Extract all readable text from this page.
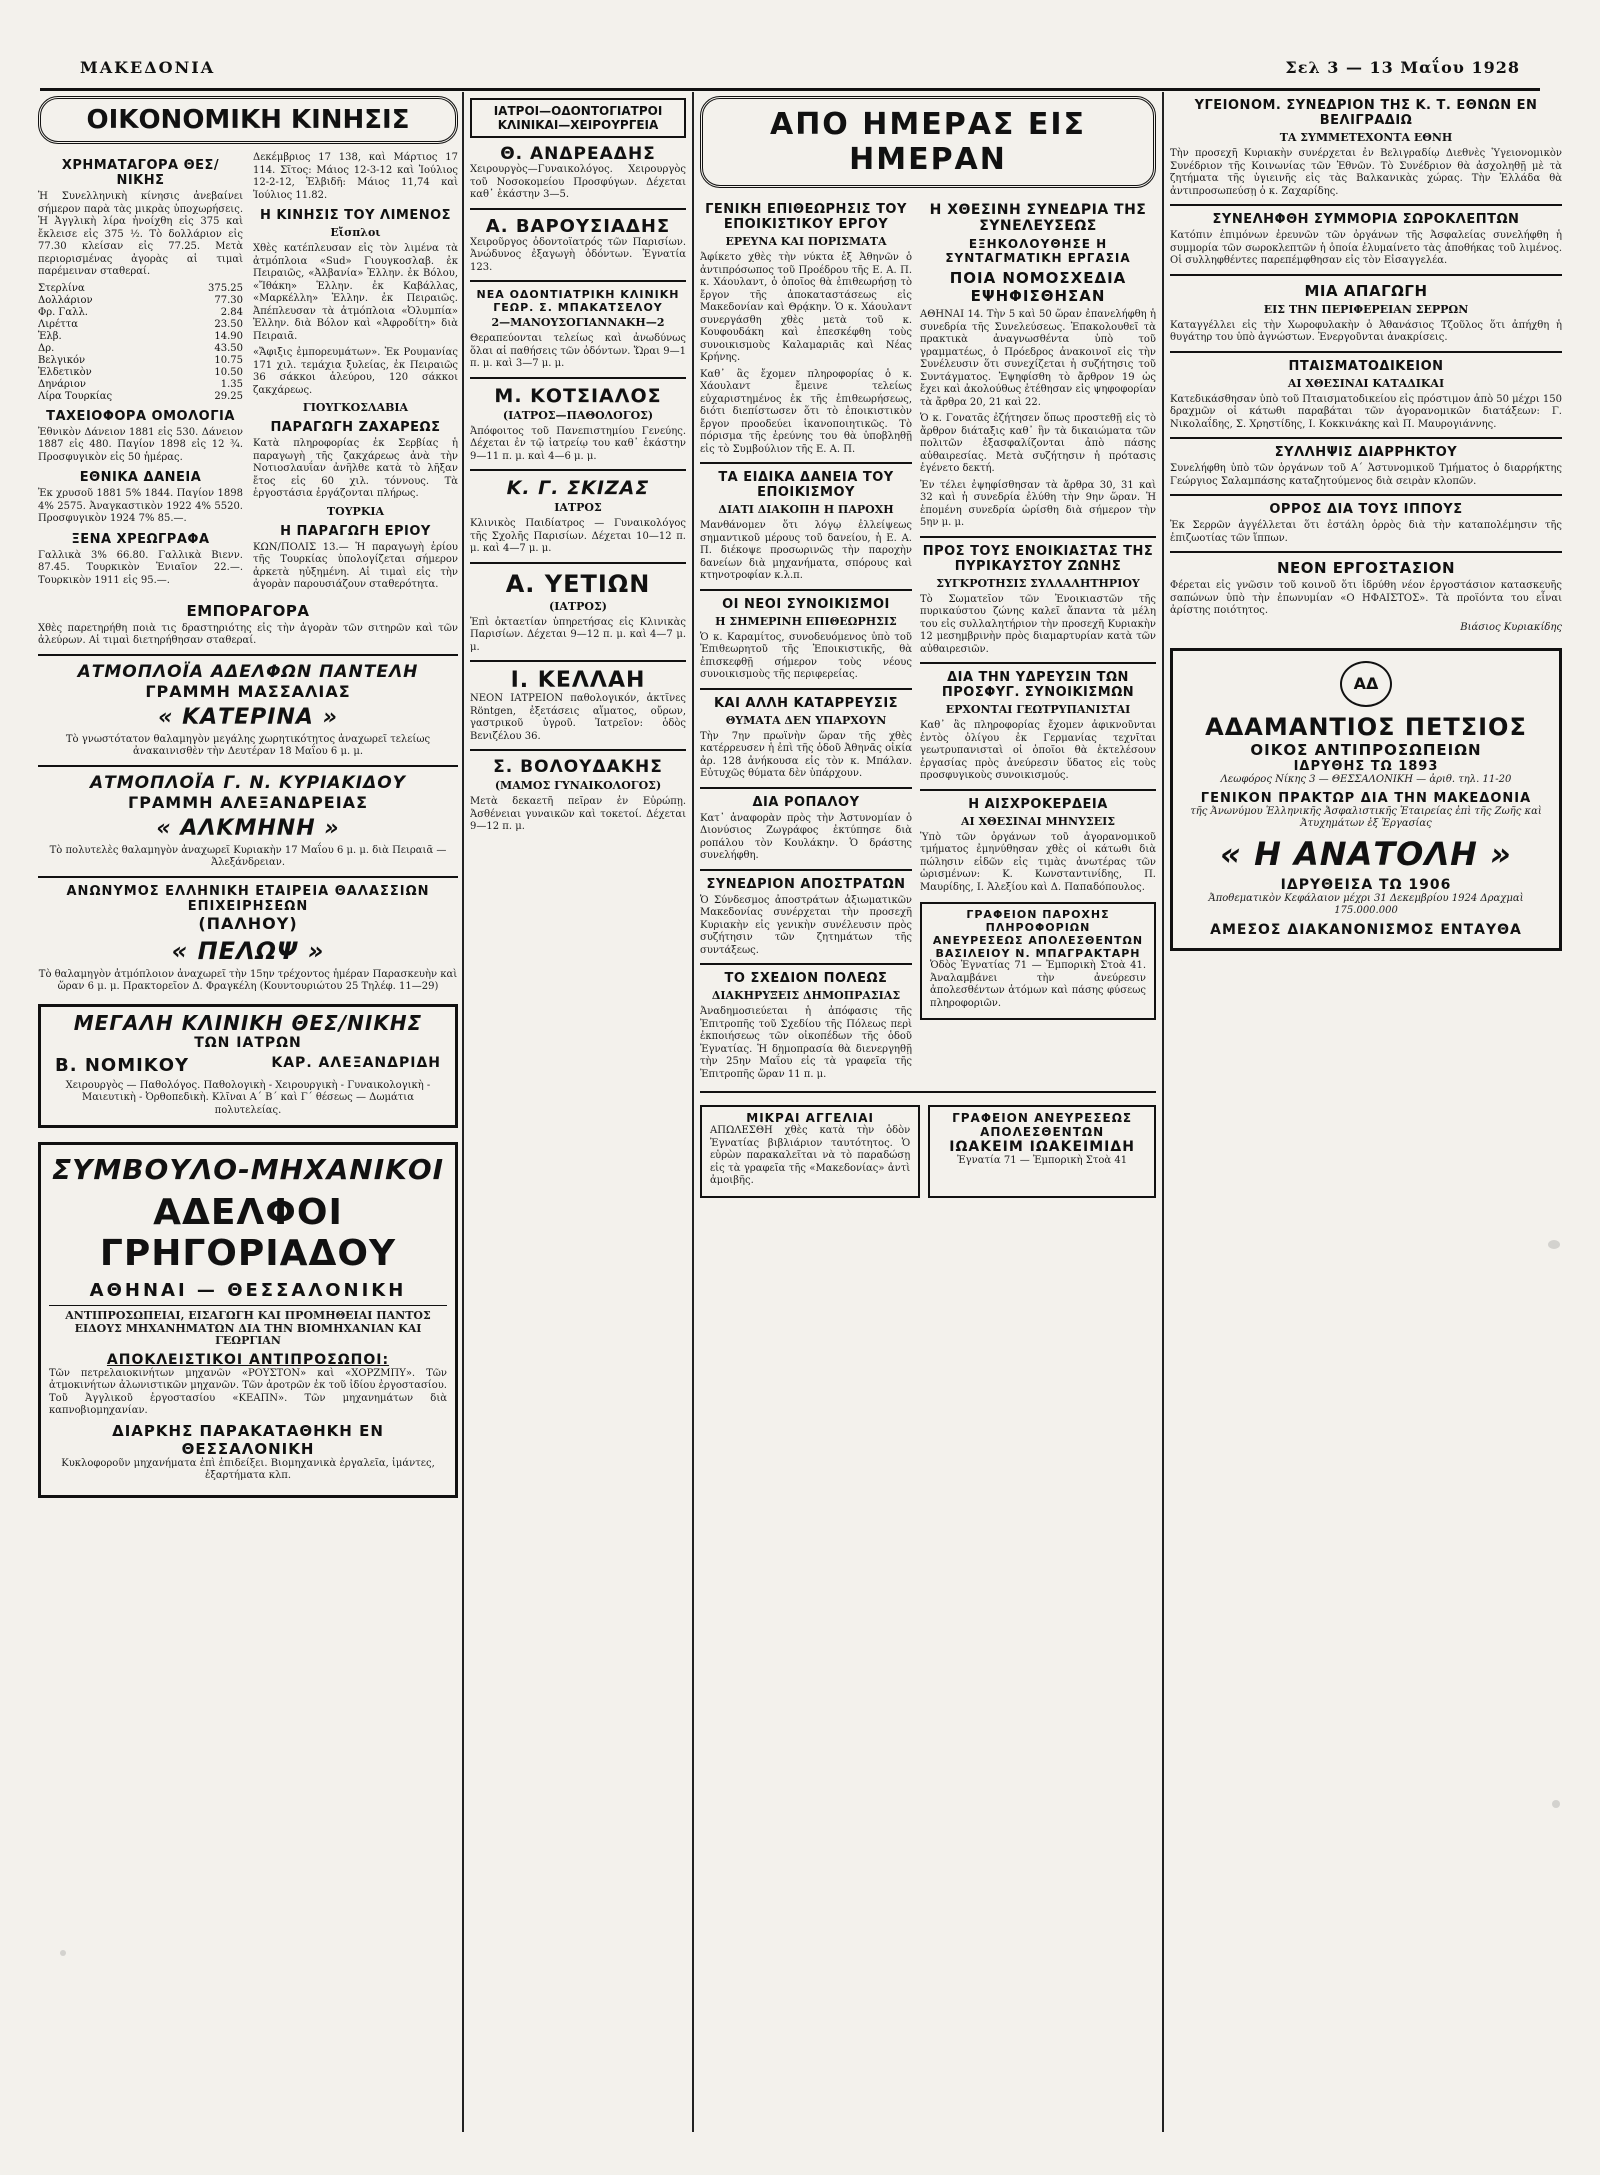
ΜΑΚΕΔΟΝΙΑ	Σελ 3 — 13 Μαΐου 1928
ΟΙΚΟΝΟΜΙΚΗ ΚΙΝΗΣΙΣ
ΧΡΗΜΑΤΑΓΟΡΑ ΘΕΣ/ΝΙΚΗΣ

Ἡ Συνελληνικὴ κίνησις ἀνεβαίνει σήμερον παρὰ τὰς μικρὰς ὑποχωρήσεις. Ἡ Ἀγγλικὴ λίρα ἠνοίχθη εἰς 375 καὶ ἔκλεισε εἰς 375 ½. Τὸ δολλάριον εἰς 77.30 κλείσαν εἰς 77.25. Μετὰ περιορισμένας ἀγορὰς αἱ τιμαὶ παρέμειναν σταθεραί.

Στερλίνα	375.25
Δολλάριον	77.30
Φρ. Γαλλ.	2.84
Λιρέττα	23.50
Ἑλβ.	14.90
Δρ.	43.50
Βελγικόν	10.75
Ἑλδετικὸν	10.50
Δηνάριον	1.35
Λίρα Τουρκίας	29.25
ΤΑΧΕΙΟΦΟΡΑ ΟΜΟΛΟΓΙΑ

Ἐθνικὸν Δάνειον 1881 εἰς 530. Δάνειον 1887 εἰς 480. Παγίον 1898 εἰς 12 ¾. Προσφυγικὸν εἰς 50 ἡμέρας.

ΕΘΝΙΚΑ ΔΑΝΕΙΑ

Ἐκ χρυσοῦ 1881 5% 1844. Παγίον 1898 4% 2575. Ἀναγκαστικὸν 1922 4% 5520. Προσφυγικὸν 1924 7% 85.—.

ΞΕΝΑ ΧΡΕΩΓΡΑΦΑ

Γαλλικὰ 3% 66.80. Γαλλικὰ Βιενν. 87.45. Τουρκικὸν Ἑνιαῖον 22.—. Τουρκικὸν 1911 εἰς 95.—.

Δεκέμβριος 17 138, καὶ Μάρτιος 17 114. Σῖτος: Μάιος 12-3-12 καὶ Ἰούλιος 12-2-12, Ἑλβιδῆ: Μάιος 11,74 καὶ Ἰούλιος 11.82.

Η ΚΙΝΗΣΙΣ ΤΟΥ ΛΙΜΕΝΟΣ
Εἴσπλοι

Χθὲς κατέπλευσαν εἰς τὸν λιμένα τὰ ἀτμόπλοια «Sud» Γιουγκοσλαβ. ἐκ Πειραιῶς, «Ἀλβανία» Ἑλλην. ἐκ Βόλου, «Ἴθάκη» Ἑλλην. ἐκ Καβάλλας, «Μαρκέλλη» Ἑλλην. ἐκ Πειραιῶς. Ἀπέπλευσαν τὰ ἀτμόπλοια «Ὀλυμπία» Ἑλλην. διὰ Βόλον καὶ «Ἀφροδίτη» διὰ Πειραιᾶ.

«Ἄφιξις ἐμπορευμάτων». Ἐκ Ρουμανίας 171 χιλ. τεμάχια ξυλείας, ἐκ Πειραιῶς 36 σάκκοι ἀλεύρου, 120 σάκκοι ζακχάρεως.

ΓΙΟΥΓΚΟΣΛΑΒΙΑ
ΠΑΡΑΓΩΓΗ ΖΑΧΑΡΕΩΣ

Κατὰ πληροφορίας ἐκ Σερβίας ἡ παραγωγὴ τῆς ζακχάρεως ἀνὰ τὴν Νοτιοσλαυΐαν ἀνῆλθε κατὰ τὸ λῆξαν ἔτος εἰς 60 χιλ. τόννους. Τὰ ἐργοστάσια ἐργάζονται πλήρως.

ΤΟΥΡΚΙΑ
Η ΠΑΡΑΓΩΓΗ ΕΡΙΟΥ

ΚΩΝ/ΠΟΛΙΣ 13.— Ἡ παραγωγὴ ἐρίου τῆς Τουρκίας ὑπολογίζεται σήμερον ἀρκετὰ ηὐξημένη. Αἱ τιμαὶ εἰς τὴν ἀγορὰν παρουσιάζουν σταθερότητα.

ΕΜΠΟΡΑΓΟΡΑ

Χθὲς παρετηρήθη ποιὰ τις δραστηριότης εἰς τὴν ἀγορὰν τῶν σιτηρῶν καὶ τῶν ἀλεύρων. Αἱ τιμαὶ διετηρήθησαν σταθεραί.

ΑΤΜΟΠΛΟΪΑ ΑΔΕΛΦΩΝ ΠΑΝΤΕΛΗ
ΓΡΑΜΜΗ ΜΑΣΣΑΛΙΑΣ
« ΚΑΤΕΡΙΝΑ »

Τὸ γνωστότατον θαλαμηγὸν μεγάλης χωρητικότητος ἀναχωρεῖ τελείως ἀνακαινισθὲν τὴν Δευτέραν 18 Μαΐου 6 μ. μ.

ΑΤΜΟΠΛΟΪΑ Γ. Ν. ΚΥΡΙΑΚΙΔΟΥ
ΓΡΑΜΜΗ ΑΛΕΞΑΝΔΡΕΙΑΣ
« ΑΛΚΜΗΝΗ »

Τὸ πολυτελὲς θαλαμηγὸν ἀναχωρεῖ Κυριακὴν 17 Μαΐου 6 μ. μ. διὰ Πειραιᾶ — Ἀλεξάνδρειαν.

ΑΝΩΝΥΜΟΣ ΕΛΛΗΝΙΚΗ ΕΤΑΙΡΕΙΑ ΘΑΛΑΣΣΙΩΝ ΕΠΙΧΕΙΡΗΣΕΩΝ
(ΠΑΛΗΟΥ)
« ΠΕΛΩΨ »

Τὸ θαλαμηγὸν ἀτμόπλοιον ἀναχωρεῖ τὴν 15ην τρέχοντος ἡμέραν Παρασκευὴν καὶ ὥραν 6 μ. μ. Πρακτορεῖον Δ. Φραγκέλη (Κουντουριώτου 25 Τηλέφ. 11—29)

ΜΕΓΑΛΗ ΚΛΙΝΙΚΗ ΘΕΣ/ΝΙΚΗΣ
ΤΩΝ ΙΑΤΡΩΝ
Β. ΝΟΜΙΚΟΥ	ΚΑΡ. ΑΛΕΞΑΝΔΡΙΔΗ

Χειρουργὸς — Παθολόγος. Παθολογικὴ - Χειρουργικὴ - Γυναικολογικὴ - Μαιευτικὴ - Ὀρθοπεδικὴ. Κλῖναι Α΄ Β΄ καὶ Γ΄ θέσεως — Δωμάτια πολυτελείας.

ΣΥΜΒΟΥΛΟ-ΜΗΧΑΝΙΚΟΙ
ΑΔΕΛΦΟΙ ΓΡΗΓΟΡΙΑΔΟΥ
ΑΘΗΝΑΙ — ΘΕΣΣΑΛΟΝΙΚΗ

ΑΝΤΙΠΡΟΣΩΠΕΙΑΙ, ΕΙΣΑΓΩΓΗ ΚΑΙ ΠΡΟΜΗΘΕΙΑΙ ΠΑΝΤΟΣ ΕΙΔΟΥΣ ΜΗΧΑΝΗΜΑΤΩΝ ΔΙΑ ΤΗΝ ΒΙΟΜΗΧΑΝΙΑΝ ΚΑΙ ΓΕΩΡΓΙΑΝ

ΑΠΟΚΛΕΙΣΤΙΚΟΙ ΑΝΤΙΠΡΟΣΩΠΟΙ:

Τῶν πετρελαιοκινήτων μηχανῶν «ΡΟΥΣΤΟΝ» καὶ «ΧΟΡΖΜΠΥ». Τῶν ἀτμοκινήτων ἀλωνιστικῶν μηχανῶν. Τῶν ἀροτρῶν ἐκ τοῦ ἰδίου ἐργοστασίου. Τοῦ Ἀγγλικοῦ ἐργοστασίου «ΚΕΑΠΝ». Τῶν μηχανημάτων διὰ καπνοβιομηχανίαν.

ΔΙΑΡΚΗΣ ΠΑΡΑΚΑΤΑΘΗΚΗ ΕΝ ΘΕΣΣΑΛΟΝΙΚΗ

Κυκλοφοροῦν μηχανήματα ἐπὶ ἐπιδείξει. Βιομηχανικὰ ἐργαλεῖα, ἱμάντες, ἐξαρτήματα κλπ.

ΙΑΤΡΟΙ—ΟΔΟΝΤΟΓΙΑΤΡΟΙ ΚΛΙΝΙΚΑΙ—ΧΕΙΡΟΥΡΓΕΙΑ
Θ. ΑΝΔΡΕΑΔΗΣ

Χειρουργὸς—Γυναικολόγος. Χειρουργὸς τοῦ Νοσοκομείου Προσφύγων. Δέχεται καθ᾿ ἑκάστην 3—5.

Α. ΒΑΡΟΥΣΙΑΔΗΣ

Χειροῦργος ὀδοντοϊατρός τῶν Παρισίων. Ἀνώδυνος ἐξαγωγὴ ὀδόντων. Ἐγνατία 123.

ΝΕΑ ΟΔΟΝΤΙΑΤΡΙΚΗ ΚΛΙΝΙΚΗ ΓΕΩΡ. Σ. ΜΠΑΚΑΤΣΕΛΟΥ
2—ΜΑΝΟΥΣΟΓΙΑΝΝΑΚΗ—2

Θεραπεύονται τελείως καὶ ἀνωδύνως ὅλαι αἱ παθήσεις τῶν ὀδόντων. Ὥραι 9—1 π. μ. καὶ 3—7 μ. μ.

Μ. ΚΟΤΣΙΑΛΟΣ
(ΙΑΤΡΟΣ—ΠΑΘΟΛΟΓΟΣ)

Ἀπόφοιτος τοῦ Πανεπιστημίου Γενεύης. Δέχεται ἐν τῷ ἰατρείῳ του καθ᾿ ἑκάστην 9—11 π. μ. καὶ 4—6 μ. μ.

Κ. Γ. ΣΚΙΖΑΣ
ΙΑΤΡΟΣ

Κλινικὸς Παιδίατρος — Γυναικολόγος τῆς Σχολῆς Παρισίων. Δέχεται 10—12 π. μ. καὶ 4—7 μ. μ.

Α. ΥΕΤΙΩΝ
(ΙΑΤΡΟΣ)

Ἐπὶ ὀκταετίαν ὑπηρετήσας εἰς Κλινικὰς Παρισίων. Δέχεται 9—12 π. μ. καὶ 4—7 μ. μ.

Ι. ΚΕΛΛΑΗ

ΝΕΟΝ ΙΑΤΡΕΙΟΝ παθολογικόν, ἀκτῖνες Röntgen, ἐξετάσεις αἵματος, οὔρων, γαστρικοῦ ὑγροῦ. Ἰατρεῖον: ὁδὸς Βενιζέλου 36.

Σ. ΒΟΛΟΥΔΑΚΗΣ
(ΜΑΜΟΣ ΓΥΝΑΙΚΟΛΟΓΟΣ)

Μετὰ δεκαετῆ πεῖραν ἐν Εὐρώπῃ. Ἀσθένειαι γυναικῶν καὶ τοκετοί. Δέχεται 9—12 π. μ.

ΑΠΟ ΗΜΕΡΑΣ ΕΙΣ ΗΜΕΡΑΝ
ΓΕΝΙΚΗ ΕΠΙΘΕΩΡΗΣΙΣ ΤΟΥ ΕΠΟΙΚΙΣΤΙΚΟΥ ΕΡΓΟΥ
ΕΡΕΥΝΑ ΚΑΙ ΠΟΡΙΣΜΑΤΑ

Ἀφίκετο χθὲς τὴν νύκτα ἐξ Ἀθηνῶν ὁ ἀντιπρόσωπος τοῦ Προέδρου τῆς Ε. Α. Π. κ. Χάουλαντ, ὁ ὁποῖος θὰ ἐπιθεωρήσῃ τὸ ἔργον τῆς ἀποκαταστάσεως εἰς Μακεδονίαν καὶ Θρᾴκην. Ὁ κ. Χάουλαντ συνεργάσθη χθὲς μετὰ τοῦ κ. Κουφουδάκη καὶ ἐπεσκέφθη τοὺς συνοικισμοὺς Καλαμαριᾶς καὶ Νέας Κρήνης.

Καθ᾿ ἃς ἔχομεν πληροφορίας ὁ κ. Χάουλαντ ἔμεινε τελείως εὐχαριστημένος ἐκ τῆς ἐπιθεωρήσεως, διότι διεπίστωσεν ὅτι τὸ ἐποικιστικὸν ἔργον προοδεύει ἱκανοποιητικῶς. Τὸ πόρισμα τῆς ἐρεύνης του θὰ ὑποβληθῇ εἰς τὸ Συμβούλιον τῆς Ε. Α. Π.

ΤΑ ΕΙΔΙΚΑ ΔΑΝΕΙΑ ΤΟΥ ΕΠΟΙΚΙΣΜΟΥ
ΔΙΑΤΙ ΔΙΑΚΟΠΗ Η ΠΑΡΟΧΗ

Μανθάνομεν ὅτι λόγῳ ἐλλείψεως σημαντικοῦ μέρους τοῦ δανείου, ἡ Ε. Α. Π. διέκοψε προσωρινῶς τὴν παροχὴν δανείων διὰ μηχανήματα, σπόρους καὶ κτηνοτροφίαν κ.λ.π.

ΟΙ ΝΕΟΙ ΣΥΝΟΙΚΙΣΜΟΙ
Η ΣΗΜΕΡΙΝΗ ΕΠΙΘΕΩΡΗΣΙΣ

Ὁ κ. Καραμίτος, συνοδευόμενος ὑπὸ τοῦ Ἐπιθεωρητοῦ τῆς Ἐποικιστικῆς, θὰ ἐπισκεφθῇ σήμερον τοὺς νέους συνοικισμοὺς τῆς περιφερείας.

ΚΑΙ ΑΛΛΗ ΚΑΤΑΡΡΕΥΣΙΣ
ΘΥΜΑΤΑ ΔΕΝ ΥΠΑΡΧΟΥΝ

Τὴν 7ην πρωϊνὴν ὥραν τῆς χθὲς κατέρρευσεν ἡ ἐπὶ τῆς ὁδοῦ Ἀθηνᾶς οἰκία ἀρ. 128 ἀνήκουσα εἰς τὸν κ. Μπάλαν. Εὐτυχῶς θύματα δὲν ὑπάρχουν.

ΔΙΑ ΡΟΠΑΛΟΥ

Κατ᾿ ἀναφορὰν πρὸς τὴν Ἀστυνομίαν ὁ Διονύσιος Ζωγράφος ἐκτύπησε διὰ ροπάλου τὸν Κουλάκην. Ὁ δράστης συνελήφθη.

ΣΥΝΕΔΡΙΟΝ ΑΠΟΣΤΡΑΤΩΝ

Ὁ Σύνδεσμος ἀποστράτων ἀξιωματικῶν Μακεδονίας συνέρχεται τὴν προσεχῆ Κυριακὴν εἰς γενικὴν συνέλευσιν πρὸς συζήτησιν τῶν ζητημάτων τῆς συντάξεως.

ΤΟ ΣΧΕΔΙΟΝ ΠΟΛΕΩΣ
ΔΙΑΚΗΡΥΞΕΙΣ ΔΗΜΟΠΡΑΣΙΑΣ

Ἀναδημοσιεύεται ἡ ἀπόφασις τῆς Ἐπιτροπῆς τοῦ Σχεδίου τῆς Πόλεως περὶ ἐκποιήσεως τῶν οἰκοπέδων τῆς ὁδοῦ Ἐγνατίας. Ἡ δημοπρασία θὰ διενεργηθῇ τὴν 25ην Μαΐου εἰς τὰ γραφεῖα τῆς Ἐπιτροπῆς ὥραν 11 π. μ.

Η ΧΘΕΣΙΝΗ ΣΥΝΕΔΡΙΑ ΤΗΣ ΣΥΝΕΛΕΥΣΕΩΣ
ΕΞΗΚΟΛΟΥΘΗΣΕ Η ΣΥΝΤΑΓΜΑΤΙΚΗ ΕΡΓΑΣΙΑ
ΠΟΙΑ ΝΟΜΟΣΧΕΔΙΑ ΕΨΗΦΙΣΘΗΣΑΝ

ΑΘΗΝΑΙ 14. Τὴν 5 καὶ 50 ὥραν ἐπανελήφθη ἡ συνεδρία τῆς Συνελεύσεως. Ἐπακολουθεῖ τὰ πρακτικὰ ἀναγνωσθέντα ὑπὸ τοῦ γραμματέως, ὁ Πρόεδρος ἀνακοινοῖ εἰς τὴν Συνέλευσιν ὅτι συνεχίζεται ἡ συζήτησις τοῦ Συντάγματος. Ἐψηφίσθη τὸ ἄρθρον 19 ὡς ἔχει καὶ ἀκολούθως ἐτέθησαν εἰς ψηφοφορίαν τὰ ἄρθρα 20, 21 καὶ 22.

Ὁ κ. Γονατᾶς ἐζήτησεν ὅπως προστεθῇ εἰς τὸ ἄρθρον διάταξις καθ᾿ ἣν τὰ δικαιώματα τῶν πολιτῶν ἐξασφαλίζονται ἀπὸ πάσης αὐθαιρεσίας. Μετὰ συζήτησιν ἡ πρότασις ἐγένετο δεκτή.

Ἐν τέλει ἐψηφίσθησαν τὰ ἄρθρα 30, 31 καὶ 32 καὶ ἡ συνεδρία ἐλύθη τὴν 9ην ὥραν. Ἡ ἑπομένη συνεδρία ὡρίσθη διὰ σήμερον τὴν 5ην μ. μ.

ΠΡΟΣ ΤΟΥΣ ΕΝΟΙΚΙΑΣΤΑΣ ΤΗΣ ΠΥΡΙΚΑΥΣΤΟΥ ΖΩΝΗΣ
ΣΥΓΚΡΟΤΗΣΙΣ ΣΥΛΛΑΛΗΤΗΡΙΟΥ

Τὸ Σωματεῖον τῶν Ἐνοικιαστῶν τῆς πυρικαύστου ζώνης καλεῖ ἅπαντα τὰ μέλη του εἰς συλλαλητήριον τὴν προσεχῆ Κυριακὴν 12 μεσημβρινὴν πρὸς διαμαρτυρίαν κατὰ τῶν αὐθαιρεσιῶν.

ΔΙΑ ΤΗΝ ΥΔΡΕΥΣΙΝ ΤΩΝ ΠΡΟΣΦΥΓ. ΣΥΝΟΙΚΙΣΜΩΝ
ΕΡΧΟΝΤΑΙ ΓΕΩΤΡΥΠΑΝΙΣΤΑΙ

Καθ᾿ ἃς πληροφορίας ἔχομεν ἀφικνοῦνται ἐντὸς ὀλίγου ἐκ Γερμανίας τεχνῖται γεωτρυπανισταὶ οἱ ὁποῖοι θὰ ἐκτελέσουν ἐργασίας πρὸς ἀνεύρεσιν ὕδατος εἰς τοὺς προσφυγικοὺς συνοικισμούς.

Η ΑΙΣΧΡΟΚΕΡΔΕΙΑ
ΑΙ ΧΘΕΣΙΝΑΙ ΜΗΝΥΣΕΙΣ

Ὑπὸ τῶν ὀργάνων τοῦ ἀγορανομικοῦ τμήματος ἐμηνύθησαν χθὲς οἱ κάτωθι διὰ πώλησιν εἰδῶν εἰς τιμὰς ἀνωτέρας τῶν ὡρισμένων: Κ. Κωνσταντινίδης, Π. Μαυρίδης, Ι. Ἀλεξίου καὶ Δ. Παπαδόπουλος.

ΓΡΑΦΕΙΟΝ ΠΑΡΟΧΗΣ ΠΛΗΡΟΦΟΡΙΩΝ
ΑΝΕΥΡΕΣΕΩΣ ΑΠΟΛΕΣΘΕΝΤΩΝ ΒΑΣΙΛΕΙΟΥ Ν. ΜΠΑΓΡΑΚΤΑΡΗ

Ὁδὸς Ἐγνατίας 71 — Ἐμπορικὴ Στοὰ 41. Ἀναλαμβάνει τὴν ἀνεύρεσιν ἀπολεσθέντων ἀτόμων καὶ πάσης φύσεως πληροφοριῶν.

ΜΙΚΡΑΙ ΑΓΓΕΛΙΑΙ

ΑΠΩΛΕΣΘΗ χθὲς κατὰ τὴν ὁδὸν Ἐγνατίας βιβλιάριον ταυτότητος. Ὁ εὑρὼν παρακαλεῖται νὰ τὸ παραδώσῃ εἰς τὰ γραφεῖα τῆς «Μακεδονίας» ἀντὶ ἀμοιβῆς.

ΓΡΑΦΕΙΟΝ ΑΝΕΥΡΕΣΕΩΣ ΑΠΟΛΕΣΘΕΝΤΩΝ
ΙΩΑΚΕΙΜ ΙΩΑΚΕΙΜΙΔΗ

Ἐγνατία 71 — Ἐμπορικὴ Στοὰ 41

ΥΓΕΙΟΝΟΜ. ΣΥΝΕΔΡΙΟΝ ΤΗΣ Κ. Τ. ΕΘΝΩΝ ΕΝ ΒΕΛΙΓΡΑΔΙΩ
ΤΑ ΣΥΜΜΕΤΕΧΟΝΤΑ ΕΘΝΗ

Τὴν προσεχῆ Κυριακὴν συνέρχεται ἐν Βελιγραδίῳ Διεθνὲς Ὑγειονομικὸν Συνέδριον τῆς Κοινωνίας τῶν Ἐθνῶν. Τὸ Συνέδριον θὰ ἀσχοληθῇ μὲ τὰ ζητήματα τῆς ὑγιεινῆς εἰς τὰς Βαλκανικὰς χώρας. Τὴν Ἑλλάδα θὰ ἀντιπροσωπεύσῃ ὁ κ. Ζαχαρίδης.

ΣΥΝΕΛΗΦΘΗ ΣΥΜΜΟΡΙΑ ΣΩΡΟΚΛΕΠΤΩΝ

Κατόπιν ἐπιμόνων ἐρευνῶν τῶν ὀργάνων τῆς Ἀσφαλείας συνελήφθη ἡ συμμορία τῶν σωροκλεπτῶν ἡ ὁποία ἐλυμαίνετο τὰς ἀποθήκας τοῦ λιμένος. Οἱ συλληφθέντες παρεπέμφθησαν εἰς τὸν Εἰσαγγελέα.

ΜΙΑ ΑΠΑΓΩΓΗ
ΕΙΣ ΤΗΝ ΠΕΡΙΦΕΡΕΙΑΝ ΣΕΡΡΩΝ

Καταγγέλλει εἰς τὴν Χωροφυλακὴν ὁ Ἀθανάσιος Τζοῦλος ὅτι ἀπήχθη ἡ θυγάτηρ του ὑπὸ ἀγνώστων. Ἐνεργοῦνται ἀνακρίσεις.

ΠΤΑΙΣΜΑΤΟΔΙΚΕΙΟΝ
ΑΙ ΧΘΕΣΙΝΑΙ ΚΑΤΑΔΙΚΑΙ

Κατεδικάσθησαν ὑπὸ τοῦ Πταισματοδικείου εἰς πρόστιμον ἀπὸ 50 μέχρι 150 δραχμῶν οἱ κάτωθι παραβάται τῶν ἀγορανομικῶν διατάξεων: Γ. Νικολαΐδης, Σ. Χρηστίδης, Ι. Κοκκινάκης καὶ Π. Μαυρογιάννης.

ΣΥΛΛΗΨΙΣ ΔΙΑΡΡΗΚΤΟΥ

Συνελήφθη ὑπὸ τῶν ὀργάνων τοῦ Α΄ Ἀστυνομικοῦ Τμήματος ὁ διαρρήκτης Γεώργιος Σαλαμπάσης καταζητούμενος διὰ σειρὰν κλοπῶν.

ΟΡΡΟΣ ΔΙΑ ΤΟΥΣ ΙΠΠΟΥΣ

Ἐκ Σερρῶν ἀγγέλλεται ὅτι ἐστάλη ὀρρὸς διὰ τὴν καταπολέμησιν τῆς ἐπιζωοτίας τῶν ἵππων.

ΝΕΟΝ ΕΡΓΟΣΤΑΣΙΟΝ

Φέρεται εἰς γνῶσιν τοῦ κοινοῦ ὅτι ἱδρύθη νέον ἐργοστάσιον κατασκευῆς σαπώνων ὑπὸ τὴν ἐπωνυμίαν «Ο ΗΦΑΙΣΤΟΣ». Τὰ προϊόντα του εἶναι ἀρίστης ποιότητος.

Βιάσιος Κυριακίδης

ΑΔ
ΑΔΑΜΑΝΤΙΟΣ ΠΕΤΣΙΟΣ
ΟΙΚΟΣ ΑΝΤΙΠΡΟΣΩΠΕΙΩΝ
ΙΔΡΥΘΗΣ ΤΩ 1893

Λεωφόρος Νίκης 3 — ΘΕΣΣΑΛΟΝΙΚΗ — ἀριθ. τηλ. 11-20

ΓΕΝΙΚΟΝ ΠΡΑΚΤΩΡ ΔΙΑ ΤΗΝ ΜΑΚΕΔΟΝΙΑ

τῆς Ἀνωνύμου Ἑλληνικῆς Ἀσφαλιστικῆς Ἑταιρείας ἐπὶ τῆς Ζωῆς καὶ Ἀτυχημάτων ἐξ Ἐργασίας

« Η ΑΝΑΤΟΛΗ »
ΙΔΡΥΘΕΙΣΑ ΤΩ 1906

Ἀποθεματικὸν Κεφάλαιον μέχρι 31 Δεκεμβρίου 1924 Δραχμαὶ 175.000.000

ΑΜΕΣΟΣ ΔΙΑΚΑΝΟΝΙΣΜΟΣ ΕΝΤΑΥΘΑ
